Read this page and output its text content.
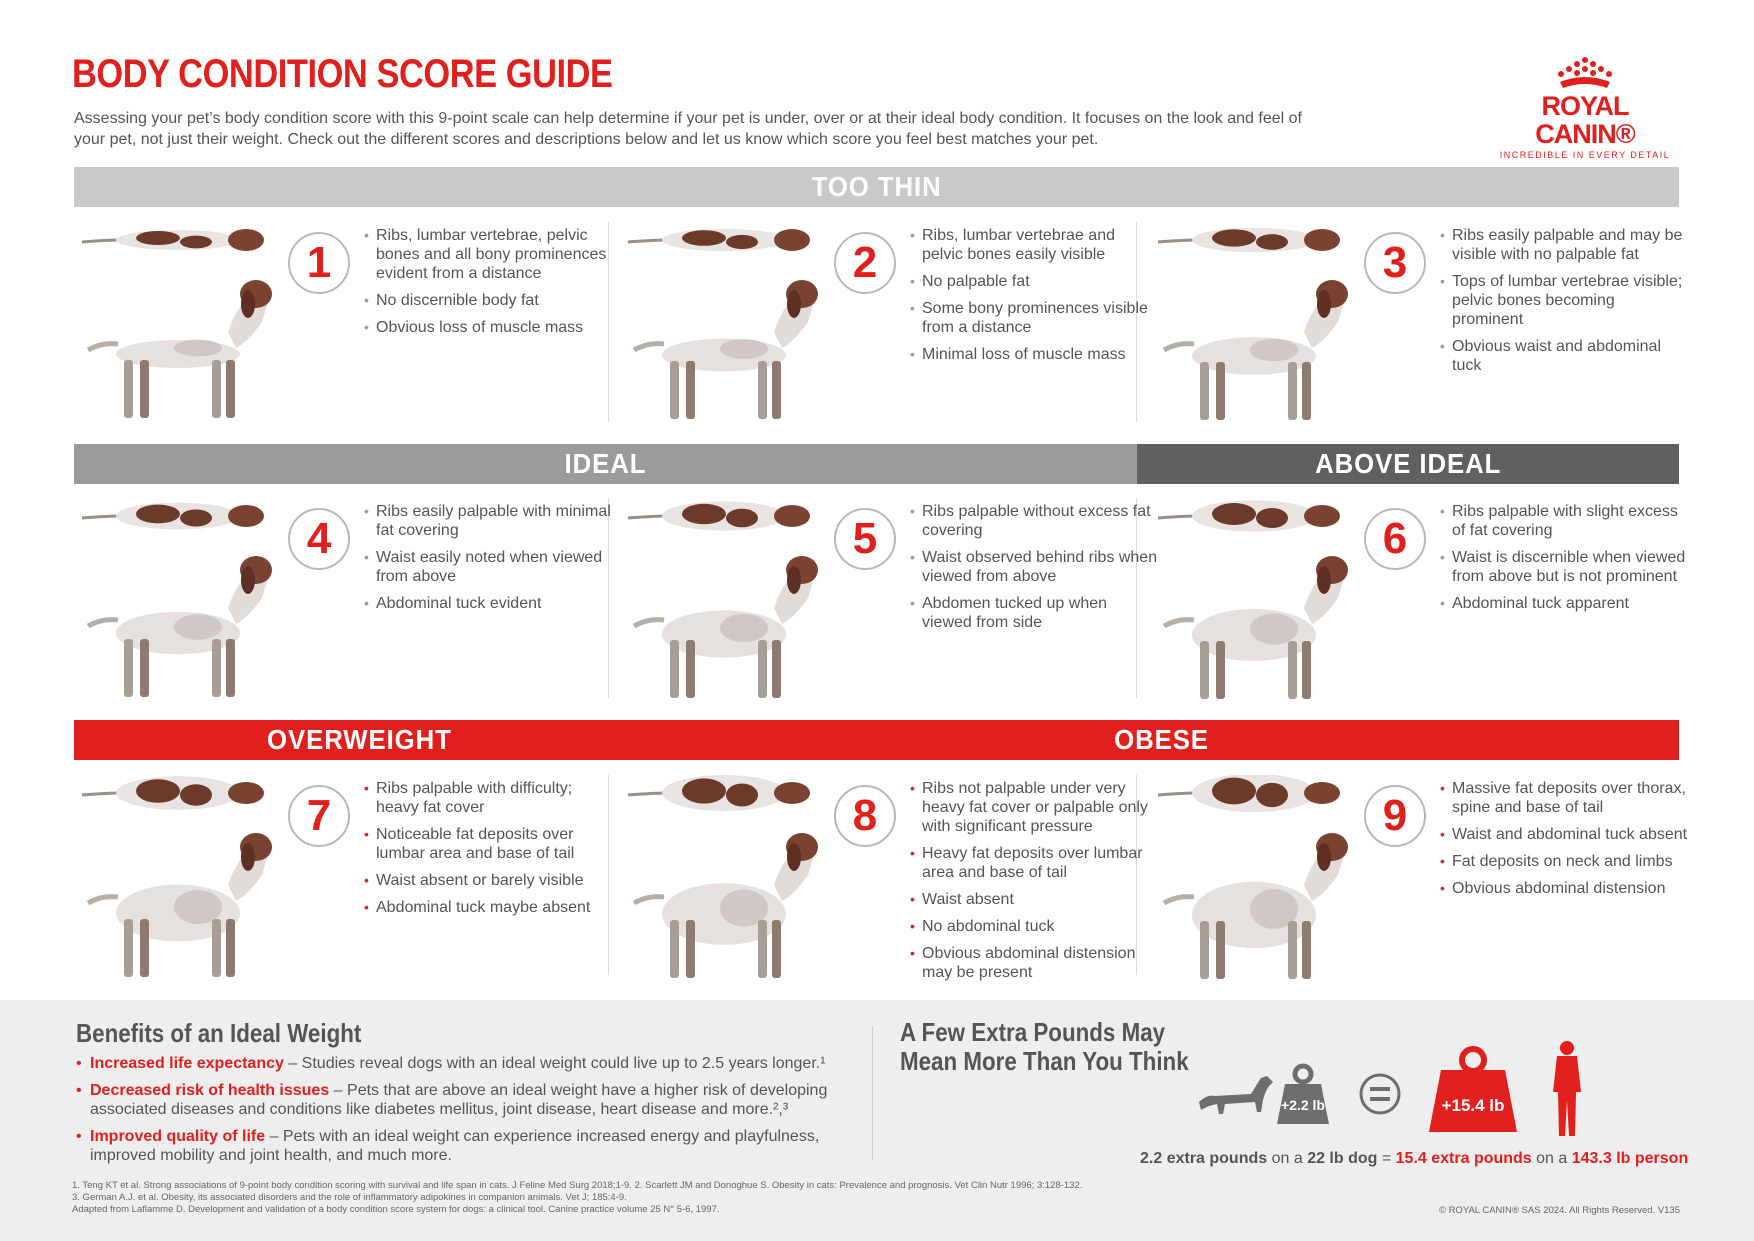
BODY CONDITION SCORE GUIDE
Assessing your pet’s body condition score with this 9-point scale can help determine if your pet is under, over or at their ideal body condition. It focuses on the look and feel of your pet, not just their weight. Check out the different scores and descriptions below and let us know which score you feel best matches your pet.
ROYAL CANIN®
INCREDIBLE IN EVERY DETAIL
TOO THIN
IDEAL	ABOVE IDEAL
OVERWEIGHT	OBESE
1
• Ribs, lumbar vertebrae, pelvic bones and all bony prominences evident from a distance
• No discernible body fat
• Obvious loss of muscle mass
2
• Ribs, lumbar vertebrae and pelvic bones easily visible
• No palpable fat
• Some bony prominences visible from a distance
• Minimal loss of muscle mass
3
• Ribs easily palpable and may be visible with no palpable fat
• Tops of lumbar vertebrae visible; pelvic bones becoming prominent
• Obvious waist and abdominal tuck
4
• Ribs easily palpable with minimal fat covering
• Waist easily noted when viewed from above
• Abdominal tuck evident
5
• Ribs palpable without excess fat covering
• Waist observed behind ribs when viewed from above
• Abdomen tucked up when viewed from side
6
• Ribs palpable with slight excess of fat covering
• Waist is discernible when viewed from above but is not prominent
• Abdominal tuck apparent
7
• Ribs palpable with difficulty; heavy fat cover
• Noticeable fat deposits over lumbar area and base of tail
• Waist absent or barely visible
• Abdominal tuck maybe absent
8
• Ribs not palpable under very heavy fat cover or palpable only with significant pressure
• Heavy fat deposits over lumbar area and base of tail
• Waist absent
• No abdominal tuck
• Obvious abdominal distension may be present
9
• Massive fat deposits over thorax, spine and base of tail
• Waist and abdominal tuck absent
• Fat deposits on neck and limbs
• Obvious abdominal distension
Benefits of an Ideal Weight
• Increased life expectancy – Studies reveal dogs with an ideal weight could live up to 2.5 years longer.¹
• Decreased risk of health issues – Pets that are above an ideal weight have a higher risk of developing associated diseases and conditions like diabetes mellitus, joint disease, heart disease and more.²,³
• Improved quality of life – Pets with an ideal weight can experience increased energy and playfulness, improved mobility and joint health, and much more.
A Few Extra Pounds May Mean More Than You Think
+2.2 lb	+15.4 lb
2.2 extra pounds on a 22 lb dog = 15.4 extra pounds on a 143.3 lb person
1. Teng KT et al. Strong associations of 9-point body condition scoring with survival and life span in cats. J Feline Med Surg 2018;1-9. 2. Scarlett JM and Donoghue S. Obesity in cats: Prevalence and prognosis. Vet Clin Nutr 1996; 3:128-132.
3. German A.J. et al. Obesity, its associated disorders and the role of inflammatory adipokines in companion animals. Vet J; 185:4-9.
Adapted from Laflamme D. Development and validation of a body condition score system for dogs: a clinical tool. Canine practice volume 25 N° 5-6, 1997.	© ROYAL CANIN® SAS 2024. All Rights Reserved. V135
